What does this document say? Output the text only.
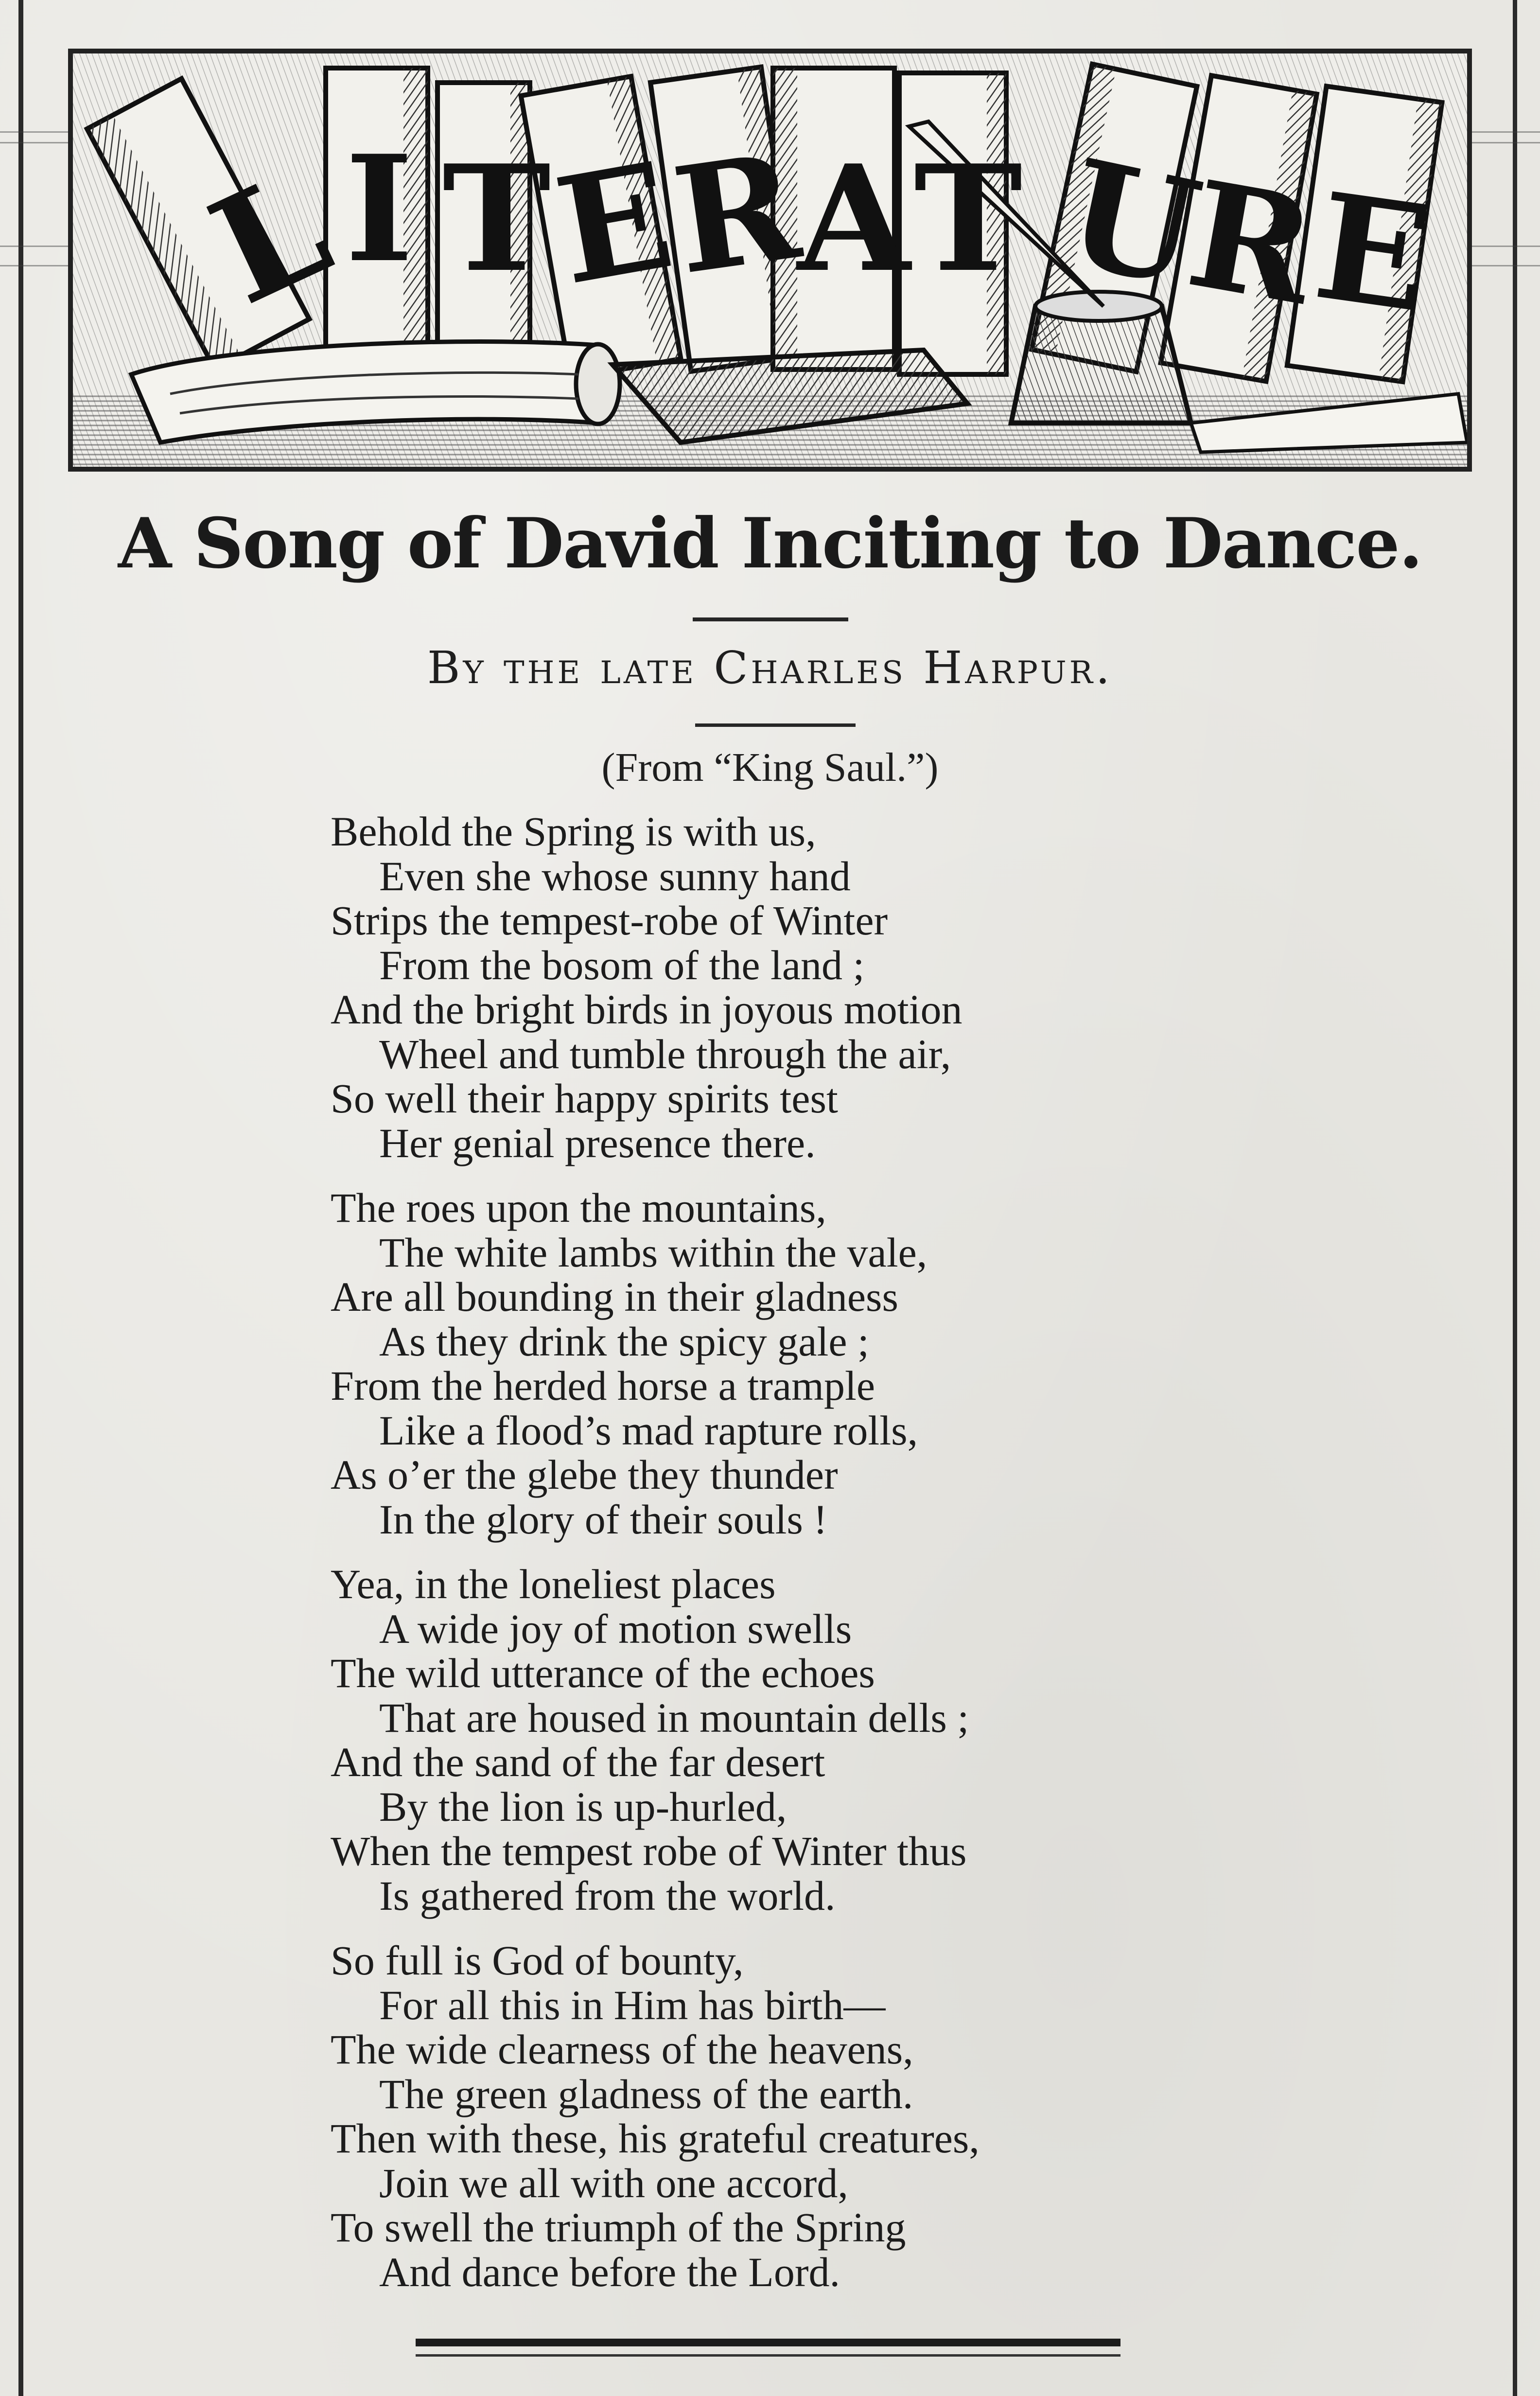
L
I T
E
R
A T U
R
E
A Song of David Inciting to Dance.
By the late Charles Harpur.
(From “King Saul.”)
Behold the Spring is with us,
Even she whose sunny hand
Strips the tempest-robe of Winter
From the bosom of the land ;
And the bright birds in joyous motion
Wheel and tumble through the air,
So well their happy spirits test
Her genial presence there.
The roes upon the mountains,
The white lambs within the vale,
Are all bounding in their gladness
As they drink the spicy gale ;
From the herded horse a trample
Like a flood’s mad rapture rolls,
As o’er the glebe they thunder
In the glory of their souls !
Yea, in the loneliest places
A wide joy of motion swells
The wild utterance of the echoes
That are housed in mountain dells ;
And the sand of the far desert
By the lion is up-hurled,
When the tempest robe of Winter thus
Is gathered from the world.
So full is God of bounty,
For all this in Him has birth—
The wide clearness of the heavens,
The green gladness of the earth.
Then with these, his grateful creatures,
Join we all with one accord,
To swell the triumph of the Spring
And dance before the Lord.
